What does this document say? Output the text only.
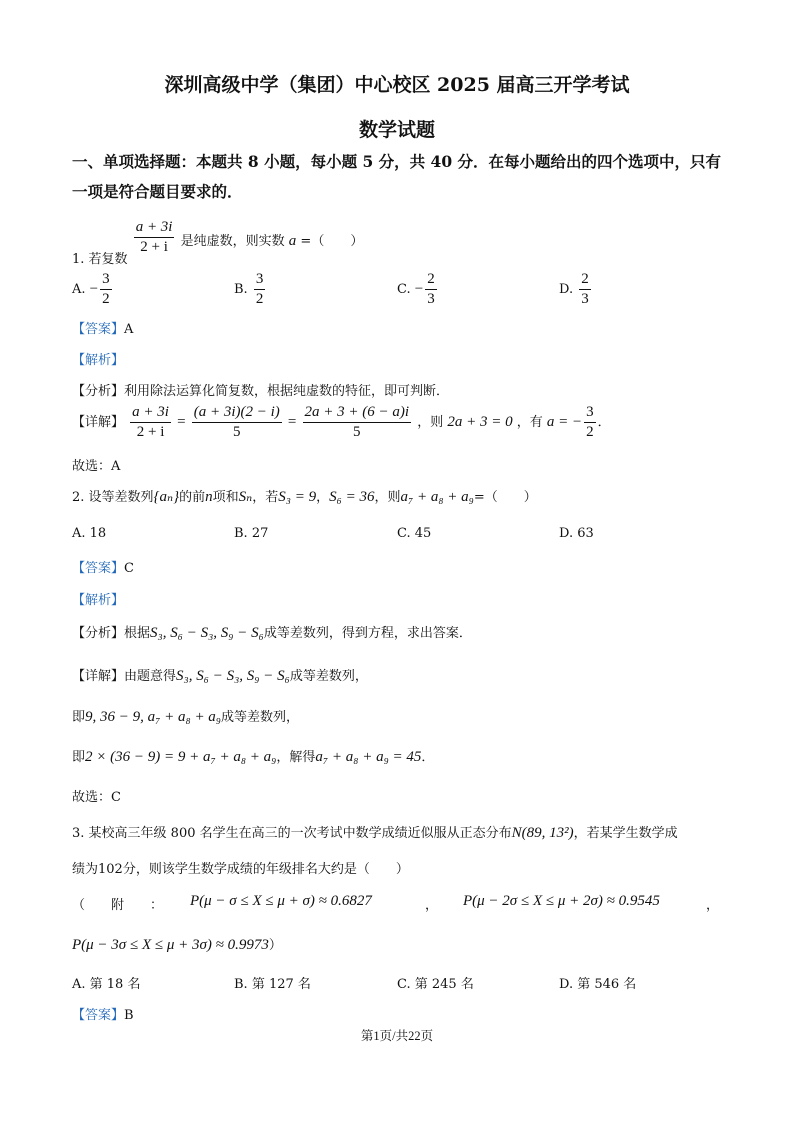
深圳高级中学（集团）中心校区 2025 届高三开学考试
数学试题
一、单项选择题：本题共 8 小题，每小题 5 分，共 40 分．在每小题给出的四个选项中，只有
一项是符合题目要求的．
1. 若复数
$\frac{a + 3i}{2 + i}$ 是纯虚数，则实数 a =（　　）
A. − $\frac{3}{2}$	B. $\frac{3}{2}$	C. − $\frac{2}{3}$	D. $\frac{2}{3}$
【答案】A
【解析】
【分析】利用除法运算化简复数，根据纯虚数的特征，即可判断．
【详解】 $\frac{a + 3i}{2 + i} = \frac{(a + 3i)(2 - i)}{5} = \frac{2a + 3 + (6 - a)i}{5}$ ，则 2a + 3 = 0 ，有 a = − $\frac{3}{2}$ ．
故选：A
2. 设等差数列{aₙ}的前n项和Sₙ，若S₃ = 9，S₆ = 36，则a₇ + a₈ + a₉=（　　）
A. 18	B. 27	C. 45	D. 63
【答案】C
【解析】
【分析】根据S₃, S₆ − S₃, S₉ − S₆成等差数列，得到方程，求出答案．
【详解】由题意得S₃, S₆ − S₃, S₉ − S₆成等差数列，
即9, 36 − 9, a₇ + a₈ + a₉成等差数列，
即2 × (36 − 9) = 9 + a₇ + a₈ + a₉，解得a₇ + a₈ + a₉ = 45．
故选：C
3. 某校高三年级 800 名学生在高三的一次考试中数学成绩近似服从正态分布N(89, 13²)，若某学生数学成
绩为102分，则该学生数学成绩的年级排名大约是（　　）
（　　附　　： P(μ − σ ≤ X ≤ μ + σ) ≈ 0.6827	， P(μ − 2σ ≤ X ≤ μ + 2σ) ≈ 0.9545	，
P(μ − 3σ ≤ X ≤ μ + 3σ) ≈ 0.9973）
A. 第 18 名	B. 第 127 名	C. 第 245 名	D. 第 546 名
【答案】B
第1页/共22页
